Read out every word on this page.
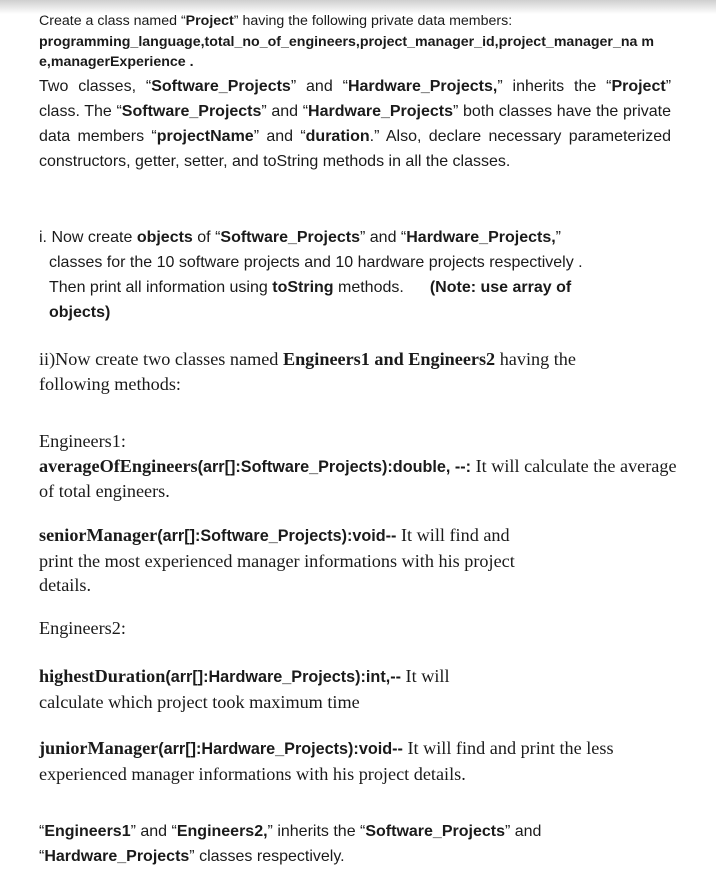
Create a class named “Project” having the following private data members:

programming_language,total_no_of_engineers,project_manager_id,project_manager_na me,managerExperience .

Two classes, “Software_Projects” and “Hardware_Projects,” inherits the “Project” class. The “Software_Projects” and “Hardware_Projects” both classes have the private data members “projectName” and “duration.” Also, declare necessary parameterized constructors, getter, setter, and toString methods in all the classes.

i. Now create objects of “Software_Projects” and “Hardware_Projects,”

classes for the 10 software projects and 10 hardware projects respectively .

Then print all information using toString methods. (Note: use array of

objects)

ii)Now create two classes named Engineers1 and Engineers2 having the following methods:

Engineers1:

averageOfEngineers(arr[]:Software_Projects):double, --: It will calculate the average of total engineers.

seniorManager(arr[]:Software_Projects):void-- It will find and

print the most experienced manager informations with his project

details.

Engineers2:

highestDuration(arr[]:Hardware_Projects):int,-- It will

calculate which project took maximum time

juniorManager(arr[]:Hardware_Projects):void-- It will find and print the less

experienced manager informations with his project details.

“Engineers1” and “Engineers2,” inherits the “Software_Projects” and

“Hardware_Projects” classes respectively.
